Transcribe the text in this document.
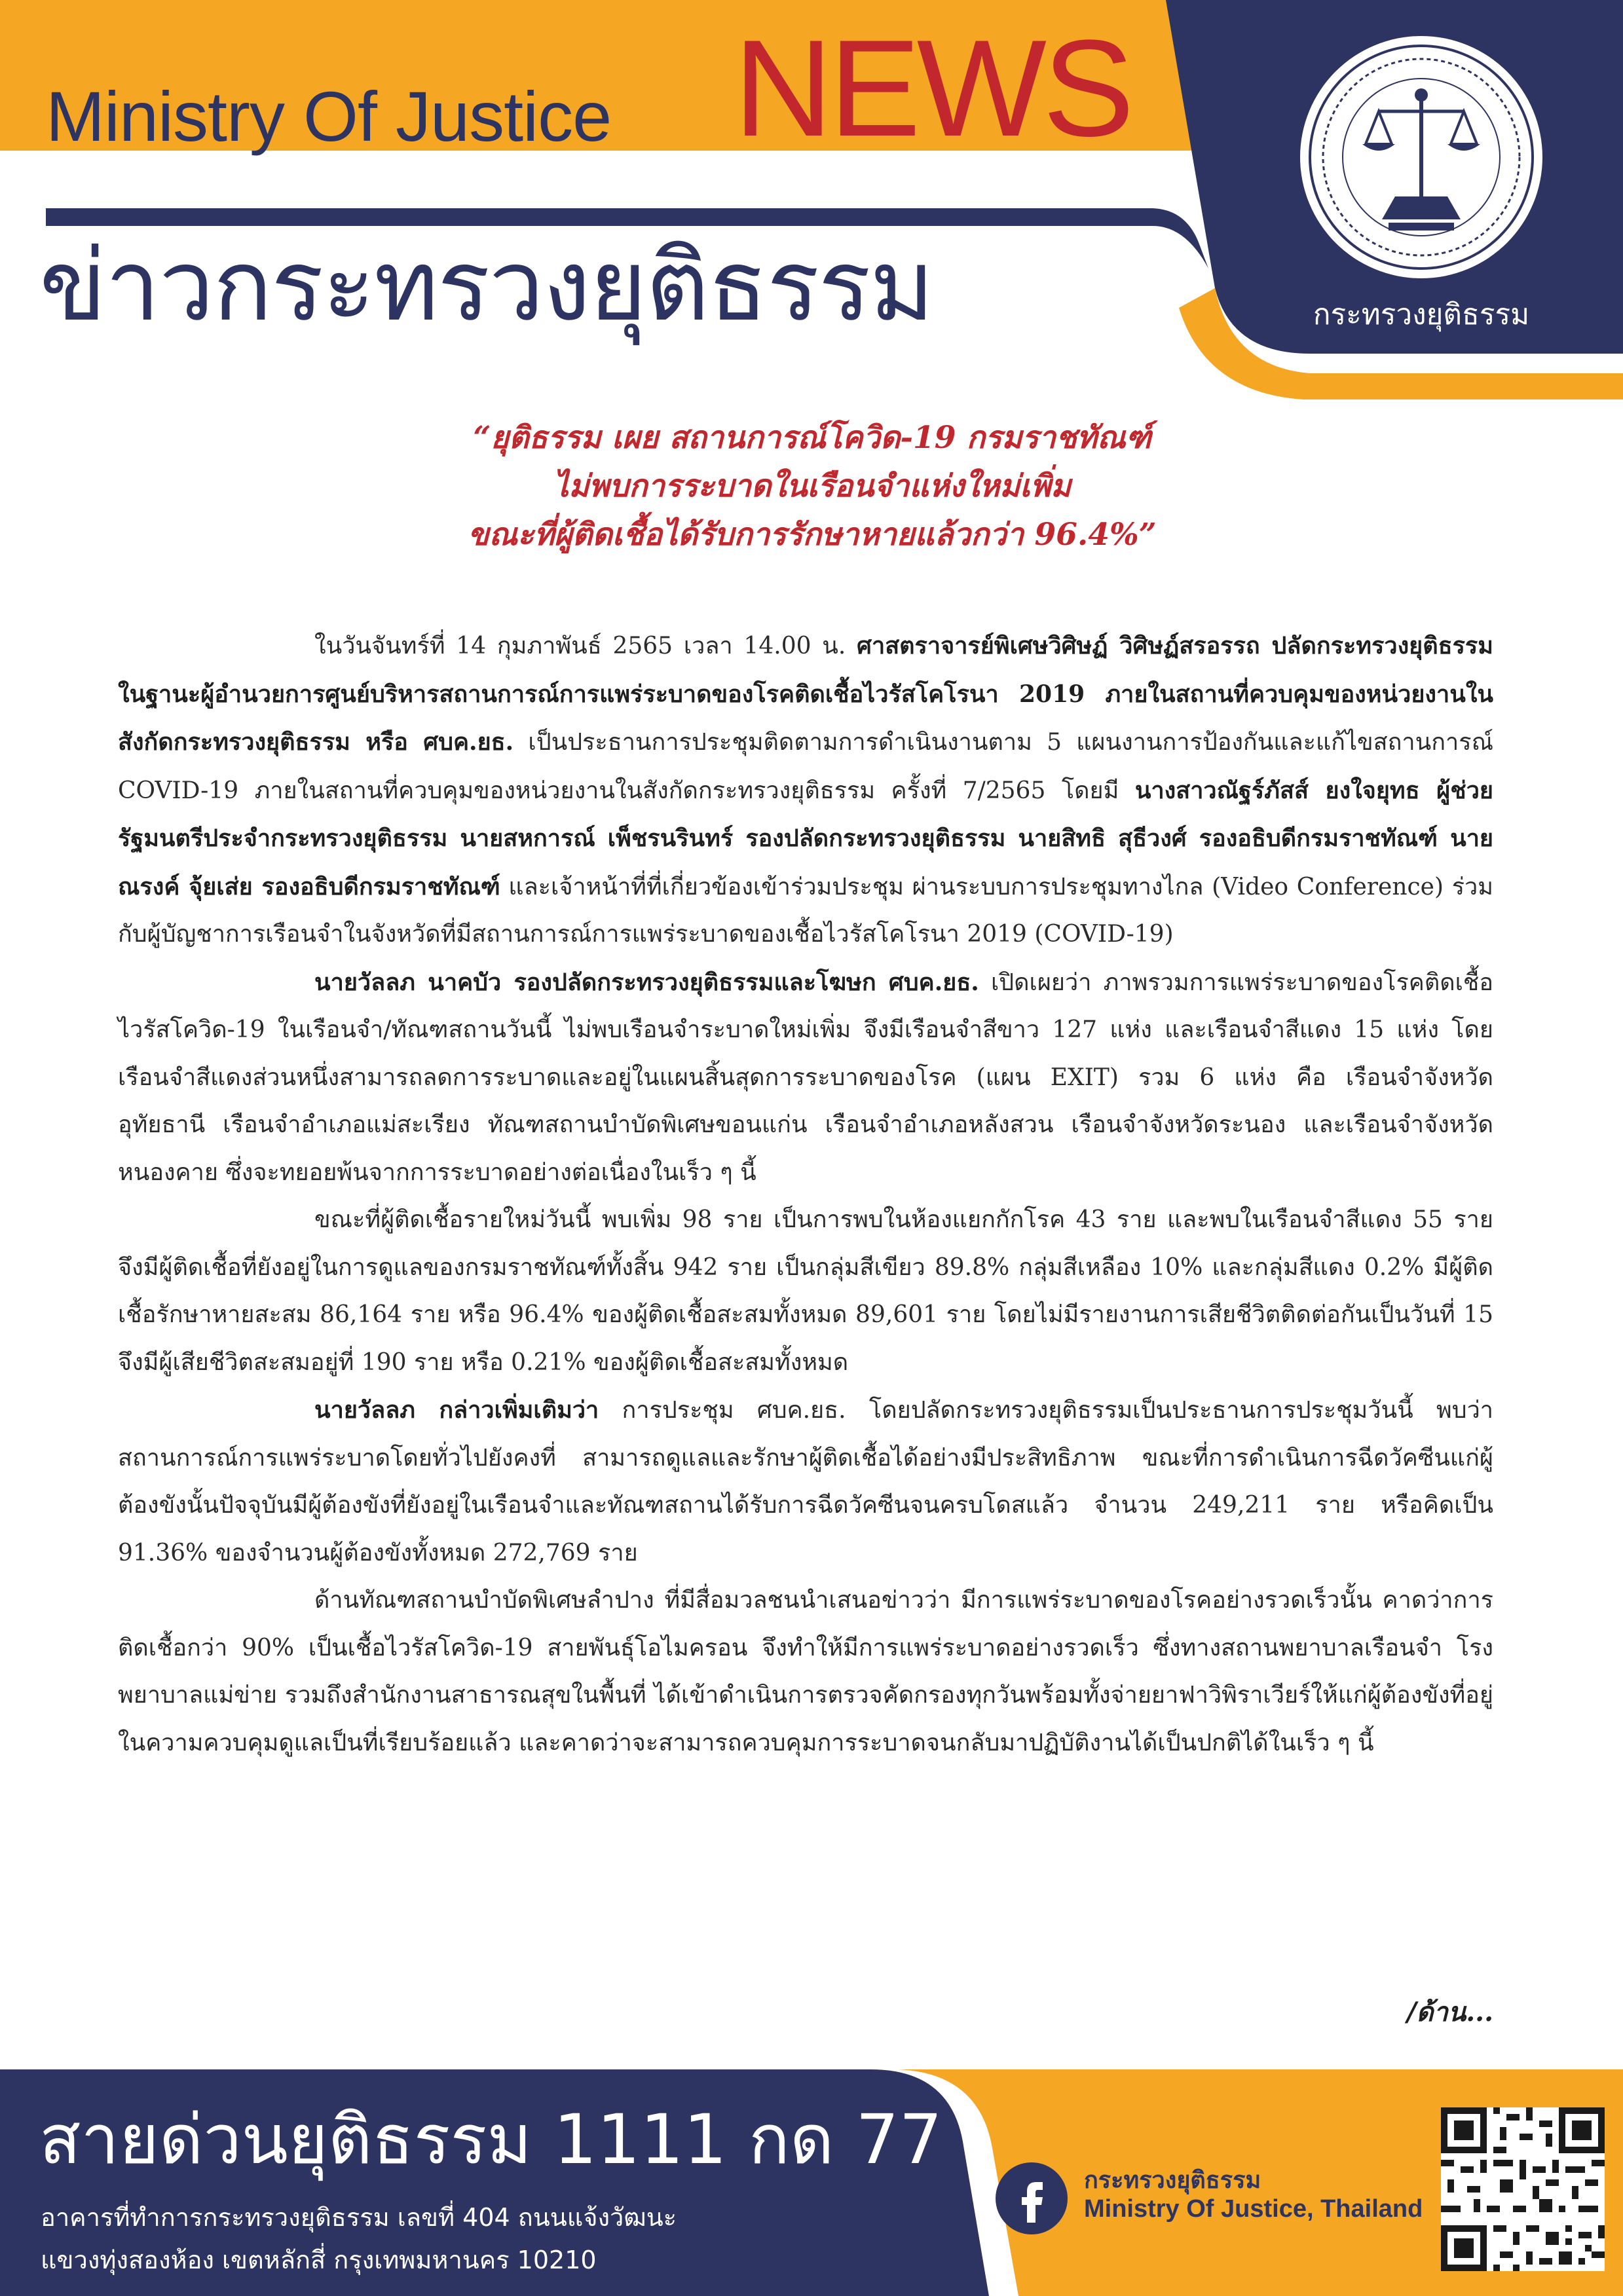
Ministry Of Justice NEWS
ข่าวกระทรวงยุติธรรม	กระทรวงยุติธรรม
“ยุติธรรม เผย สถานการณ์โควิด-19 กรมราชทัณฑ์
ไม่พบการระบาดในเรือนจำแห่งใหม่เพิ่ม
ขณะที่ผู้ติดเชื้อได้รับการรักษาหายแล้วกว่า 96.4%”

ในวันจันทร์ที่ 14 กุมภาพันธ์ 2565 เวลา 14.00 น. ศาสตราจารย์พิเศษวิศิษฏ์ วิศิษฏ์สรอรรถ ปลัดกระทรวงยุติธรรม ในฐานะผู้อำนวยการศูนย์บริหารสถานการณ์การแพร่ระบาดของโรคติดเชื้อไวรัสโคโรนา 2019 ภายในสถานที่ควบคุมของหน่วยงานในสังกัดกระทรวงยุติธรรม หรือ ศบค.ยธ. เป็นประธานการประชุมติดตามการดำเนินงานตาม 5 แผนงานการป้องกันและแก้ไขสถานการณ์ COVID-19 ภายในสถานที่ควบคุมของหน่วยงานในสังกัดกระทรวงยุติธรรม ครั้งที่ 7/2565 โดยมี นางสาวณัฐร์ภัสส์ ยงใจยุทธ ผู้ช่วยรัฐมนตรีประจำกระทรวงยุติธรรม นายสหการณ์ เพ็ชรนรินทร์ รองปลัดกระทรวงยุติธรรม นายสิทธิ สุธีวงศ์ รองอธิบดีกรมราชทัณฑ์ นายณรงค์ จุ้ยเส่ย รองอธิบดีกรมราชทัณฑ์ และเจ้าหน้าที่ที่เกี่ยวข้องเข้าร่วมประชุม ผ่านระบบการประชุมทางไกล (Video Conference) ร่วมกับผู้บัญชาการเรือนจำในจังหวัดที่มีสถานการณ์การแพร่ระบาดของเชื้อไวรัสโคโรนา 2019 (COVID-19)

นายวัลลภ นาคบัว รองปลัดกระทรวงยุติธรรมและโฆษก ศบค.ยธ. เปิดเผยว่า ภาพรวมการแพร่ระบาดของโรคติดเชื้อไวรัสโควิด-19 ในเรือนจำ/ทัณฑสถานวันนี้ ไม่พบเรือนจำระบาดใหม่เพิ่ม จึงมีเรือนจำสีขาว 127 แห่ง และเรือนจำสีแดง 15 แห่ง โดยเรือนจำสีแดงส่วนหนึ่งสามารถลดการระบาดและอยู่ในแผนสิ้นสุดการระบาดของโรค (แผน EXIT) รวม 6 แห่ง คือ เรือนจำจังหวัดอุทัยธานี เรือนจำอำเภอแม่สะเรียง ทัณฑสถานบำบัดพิเศษขอนแก่น เรือนจำอำเภอหลังสวน เรือนจำจังหวัดระนอง และเรือนจำจังหวัดหนองคาย ซึ่งจะทยอยพ้นจากการระบาดอย่างต่อเนื่องในเร็ว ๆ นี้

ขณะที่ผู้ติดเชื้อรายใหม่วันนี้ พบเพิ่ม 98 ราย เป็นการพบในห้องแยกกักโรค 43 ราย และพบในเรือนจำสีแดง 55 ราย จึงมีผู้ติดเชื้อที่ยังอยู่ในการดูแลของกรมราชทัณฑ์ทั้งสิ้น 942 ราย เป็นกลุ่มสีเขียว 89.8% กลุ่มสีเหลือง 10% และกลุ่มสีแดง 0.2% มีผู้ติดเชื้อรักษาหายสะสม 86,164 ราย หรือ 96.4% ของผู้ติดเชื้อสะสมทั้งหมด 89,601 ราย โดยไม่มีรายงานการเสียชีวิตติดต่อกันเป็นวันที่ 15 จึงมีผู้เสียชีวิตสะสมอยู่ที่ 190 ราย หรือ 0.21% ของผู้ติดเชื้อสะสมทั้งหมด

นายวัลลภ กล่าวเพิ่มเติมว่า การประชุม ศบค.ยธ. โดยปลัดกระทรวงยุติธรรมเป็นประธานการประชุมวันนี้ พบว่าสถานการณ์การแพร่ระบาดโดยทั่วไปยังคงที่ สามารถดูแลและรักษาผู้ติดเชื้อได้อย่างมีประสิทธิภาพ ขณะที่การดำเนินการฉีดวัคซีนแก่ผู้ต้องขังนั้นปัจจุบันมีผู้ต้องขังที่ยังอยู่ในเรือนจำและทัณฑสถานได้รับการฉีดวัคซีนจนครบโดสแล้ว จำนวน 249,211 ราย หรือคิดเป็น 91.36% ของจำนวนผู้ต้องขังทั้งหมด 272,769 ราย

ด้านทัณฑสถานบำบัดพิเศษลำปาง ที่มีสื่อมวลชนนำเสนอข่าวว่า มีการแพร่ระบาดของโรคอย่างรวดเร็วนั้น คาดว่าการติดเชื้อกว่า 90% เป็นเชื้อไวรัสโควิด-19 สายพันธุ์โอไมครอน จึงทำให้มีการแพร่ระบาดอย่างรวดเร็ว ซึ่งทางสถานพยาบาลเรือนจำ โรงพยาบาลแม่ข่าย รวมถึงสำนักงานสาธารณสุขในพื้นที่ ได้เข้าดำเนินการตรวจคัดกรองทุกวันพร้อมทั้งจ่ายยาฟาวิพิราเวียร์ให้แก่ผู้ต้องขังที่อยู่ในความควบคุมดูแลเป็นที่เรียบร้อยแล้ว และคาดว่าจะสามารถควบคุมการระบาดจนกลับมาปฏิบัติงานได้เป็นปกติได้ในเร็ว ๆ นี้

/ด้าน...
สายด่วนยุติธรรม 1111 กด 77
อาคารที่ทำการกระทรวงยุติธรรม เลขที่ 404 ถนนแจ้งวัฒนะ
แขวงทุ่งสองห้อง เขตหลักสี่ กรุงเทพมหานคร 10210
กระทรวงยุติธรรม
Ministry Of Justice, Thailand
